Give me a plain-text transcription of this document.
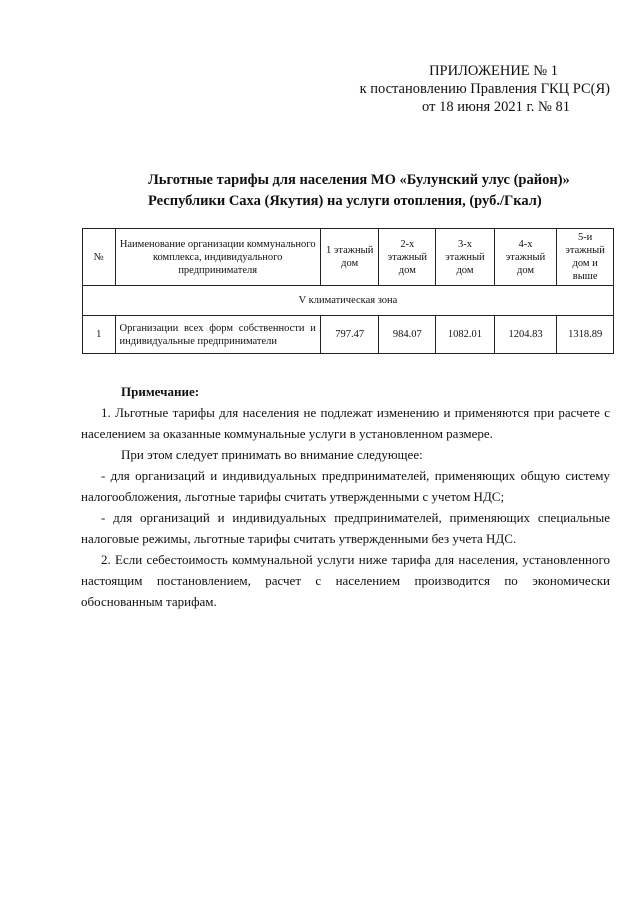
ПРИЛОЖЕНИЕ № 1
к постановлению Правления ГКЦ РС(Я)
от 18 июня 2021 г. № 81
Льготные тарифы для населения МО «Булунский улус (район)»
Республики Саха (Якутия) на услуги отопления, (руб./Гкал)
№	Наименование организации коммунального комплекса, индивидуального предпринимателя	1 этажный дом	2-х этажный дом	3-х этажный дом	4-х этажный дом	5-и этажный дом и выше
V климатическая зона						
1	Организации всех форм собственности и индивидуальные предприниматели	797.47	984.07	1082.01	1204.83	1318.89
Примечание:

1. Льготные тарифы для населения не подлежат изменению и применяются при расчете с населением за оказанные коммунальные услуги в установленном размере.

При этом следует принимать во внимание следующее:

- для организаций и индивидуальных предпринимателей, применяющих общую систему налогообложения, льготные тарифы считать утвержденными с учетом НДС;

- для организаций и индивидуальных предпринимателей, применяющих специальные налоговые режимы, льготные тарифы считать утвержденными без учета НДС.

2. Если себестоимость коммунальной услуги ниже тарифа для населения, установленного настоящим постановлением, расчет с населением производится по экономически обоснованным тарифам.
